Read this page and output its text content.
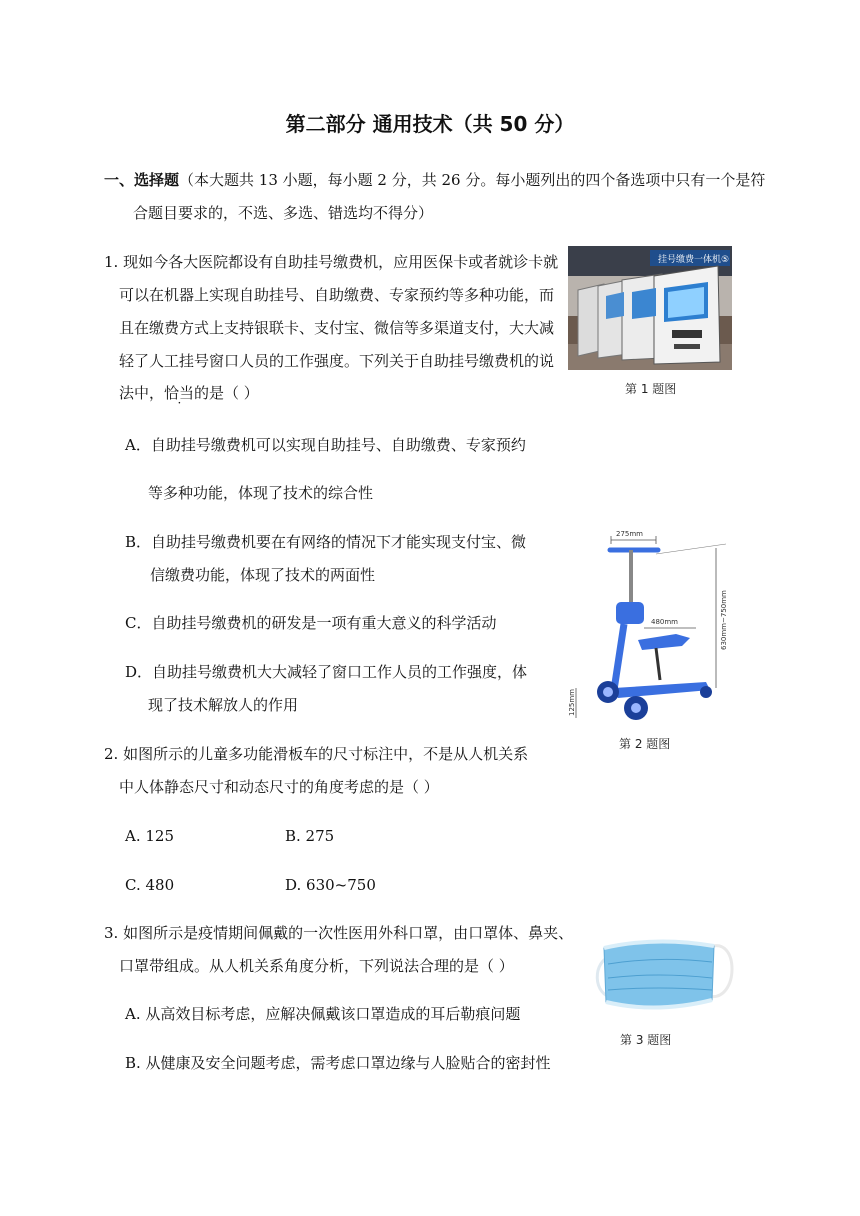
第二部分 通用技术（共 50 分）
一、选择题（本大题共 13 小题，每小题 2 分，共 26 分。每小题列出的四个备选项中只有一个是符
合题目要求的，不选、多选、错选均不得分）
1. 现如今各大医院都设有自助挂号缴费机，应用医保卡或者就诊卡就
可以在机器上实现自助挂号、自助缴费、专家预约等多种功能，而
且在缴费方式上支持银联卡、支付宝、微信等多渠道支付，大大减
轻了人工挂号窗口人员的工作强度。下列关于自助挂号缴费机的说
法中，恰当的是（ ）
挂号缴费一体机⑤
第 1 题图
A．自助挂号缴费机可以实现自助挂号、自助缴费、专家预约
等多种功能，体现了技术的综合性
B．自助挂号缴费机要在有网络的情况下才能实现支付宝、微
信缴费功能，体现了技术的两面性
C．自助挂号缴费机的研发是一项有重大意义的科学活动
D．自助挂号缴费机大大减轻了窗口工作人员的工作强度，体
现了技术解放人的作用
275mm
630mm~750mm
480mm
125mm
第 2 题图
2. 如图所示的儿童多功能滑板车的尺寸标注中，不是从人机关系
中人体静态尺寸和动态尺寸的角度考虑的是（ ）
A. 125	B. 275
C. 480	D. 630~750
3. 如图所示是疫情期间佩戴的一次性医用外科口罩，由口罩体、鼻夹、
口罩带组成。从人机关系角度分析，下列说法合理的是（ ）
第 3 题图
A. 从高效目标考虑，应解决佩戴该口罩造成的耳后勒痕问题
B. 从健康及安全问题考虑，需考虑口罩边缘与人脸贴合的密封性
